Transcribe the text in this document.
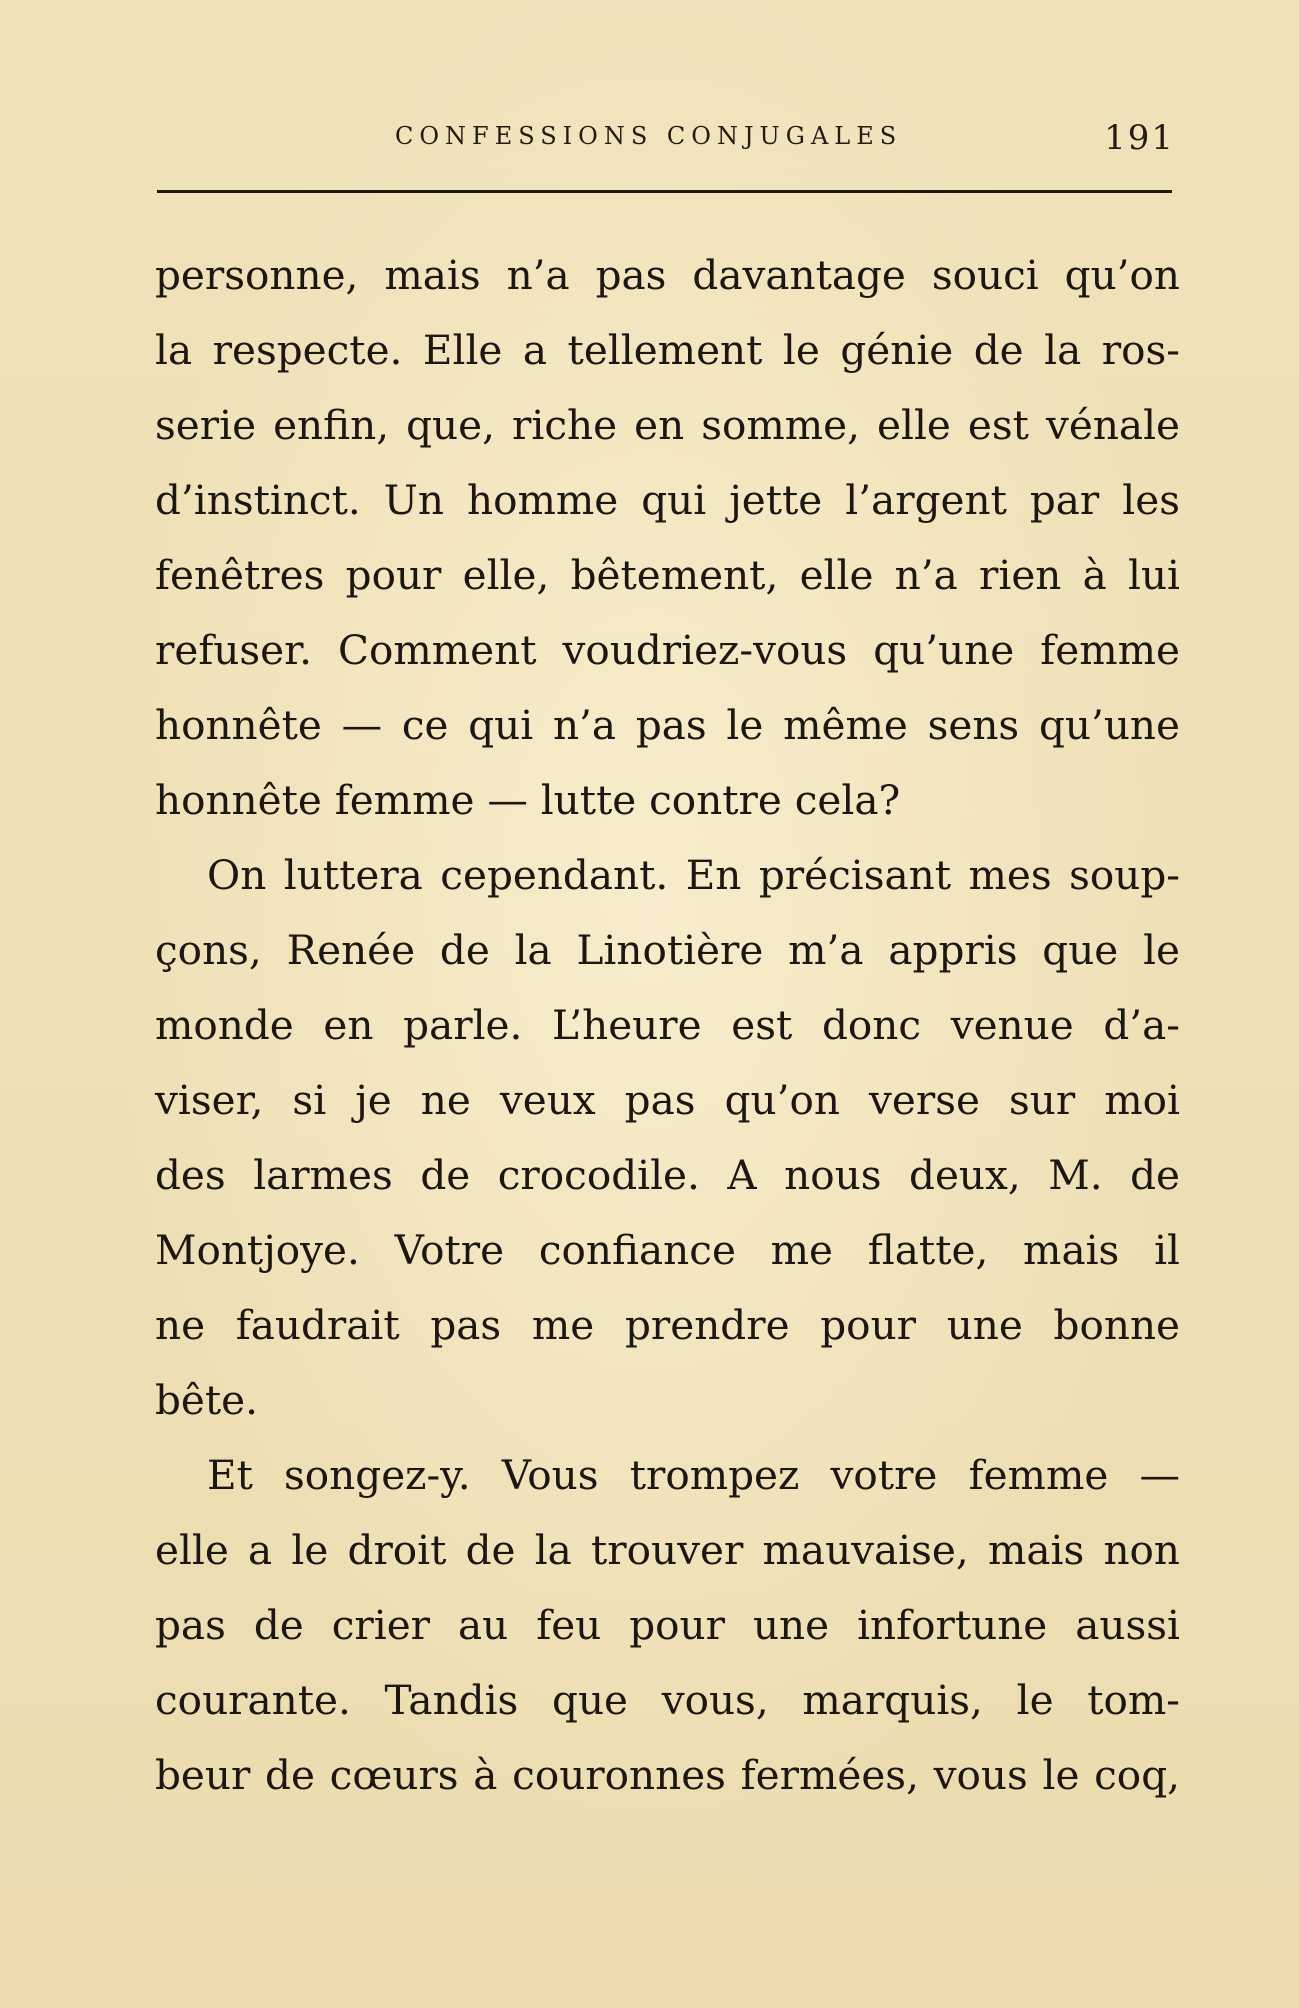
CONFESSIONS CONJUGALES	191
personne, mais n’a pas davantage souci qu’on
la respecte. Elle a tellement le génie de la ros-
serie enfin, que, riche en somme, elle est vénale
d’instinct. Un homme qui jette l’argent par les
fenêtres pour elle, bêtement, elle n’a rien à lui
refuser. Comment voudriez-vous qu’une femme
honnête — ce qui n’a pas le même sens qu’une
honnête femme — lutte contre cela?
On luttera cependant. En précisant mes soup-
çons, Renée de la Linotière m’a appris que le
monde en parle. L’heure est donc venue d’a-
viser, si je ne veux pas qu’on verse sur moi
des larmes de crocodile. A nous deux, M. de
Montjoye. Votre confiance me flatte, mais il
ne faudrait pas me prendre pour une bonne
bête.
Et songez-y. Vous trompez votre femme —
elle a le droit de la trouver mauvaise, mais non
pas de crier au feu pour une infortune aussi
courante. Tandis que vous, marquis, le tom-
beur de cœurs à couronnes fermées, vous le coq,
